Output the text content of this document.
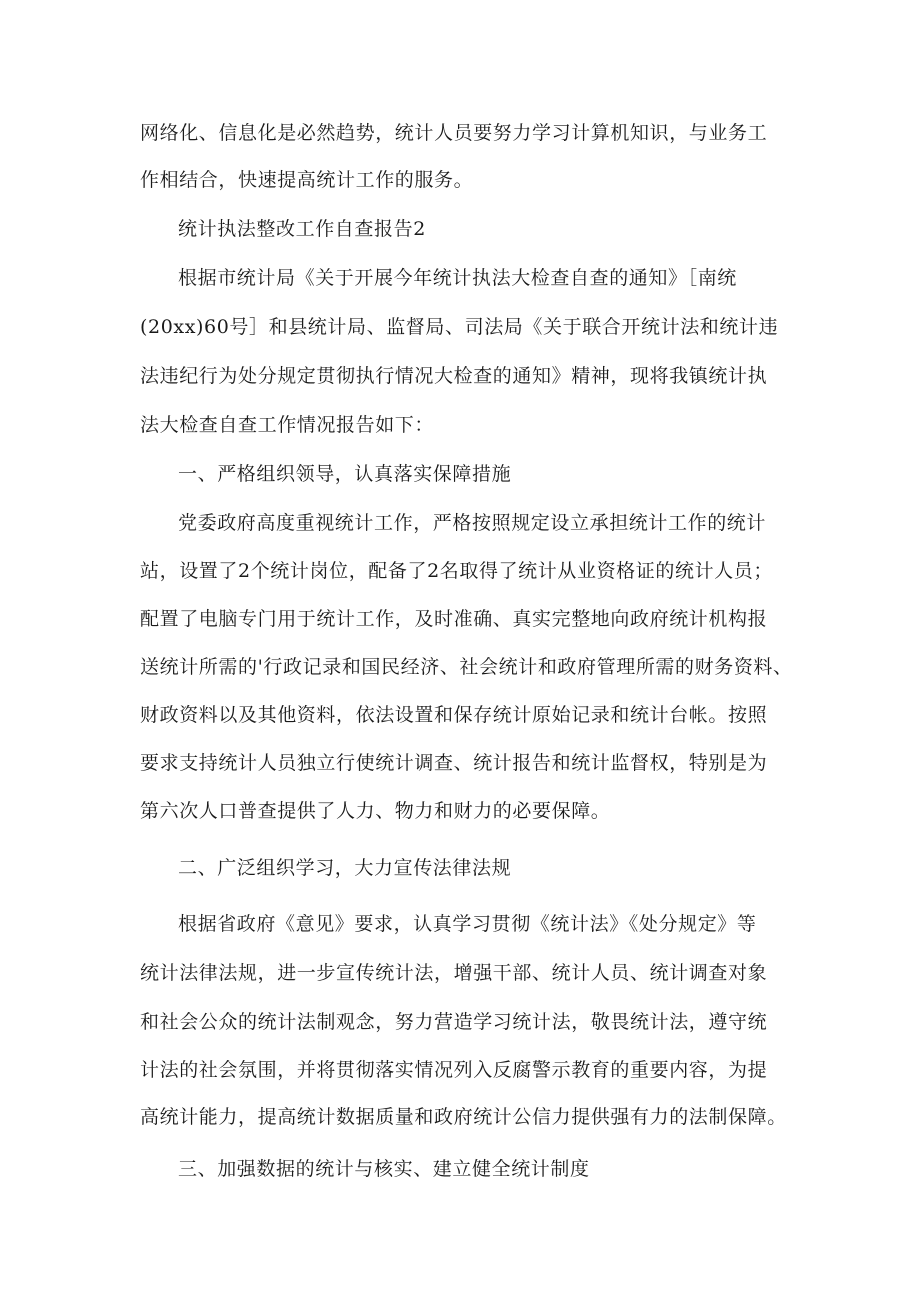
网络化、信息化是必然趋势，统计人员要努力学习计算机知识，与业务工
作相结合，快速提高统计工作的服务。
统计执法整改工作自查报告2
根据市统计局《关于开展今年统计执法大检查自查的通知》［南统
(20xx)60号］和县统计局、监督局、司法局《关于联合开统计法和统计违
法违纪行为处分规定贯彻执行情况大检查的通知》精神，现将我镇统计执
法大检查自查工作情况报告如下：
一、严格组织领导，认真落实保障措施
党委政府高度重视统计工作，严格按照规定设立承担统计工作的统计
站，设置了2个统计岗位，配备了2名取得了统计从业资格证的统计人员；
配置了电脑专门用于统计工作，及时准确、真实完整地向政府统计机构报
送统计所需的'行政记录和国民经济、社会统计和政府管理所需的财务资料、
财政资料以及其他资料，依法设置和保存统计原始记录和统计台帐。按照
要求支持统计人员独立行使统计调查、统计报告和统计监督权，特别是为
第六次人口普查提供了人力、物力和财力的必要保障。
二、广泛组织学习，大力宣传法律法规
根据省政府《意见》要求，认真学习贯彻《统计法》《处分规定》等
统计法律法规，进一步宣传统计法，增强干部、统计人员、统计调查对象
和社会公众的统计法制观念，努力营造学习统计法，敬畏统计法，遵守统
计法的社会氛围，并将贯彻落实情况列入反腐警示教育的重要内容，为提
高统计能力，提高统计数据质量和政府统计公信力提供强有力的法制保障。
三、加强数据的统计与核实、建立健全统计制度
